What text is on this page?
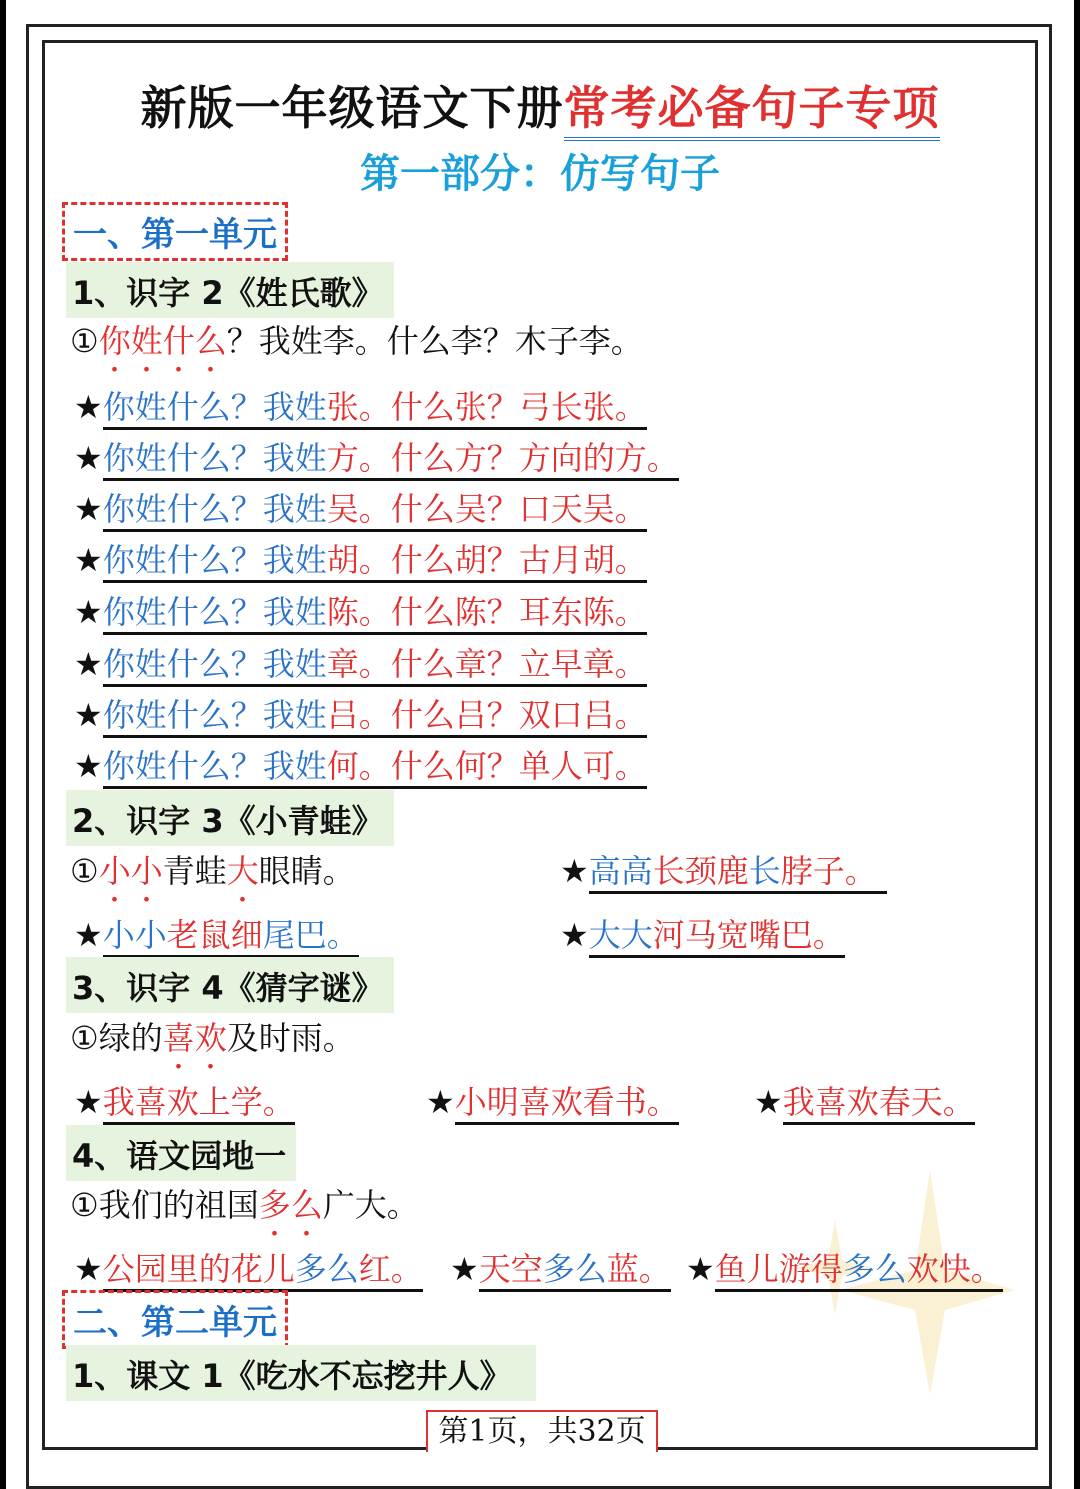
新版一年级语文下册常考必备句子专项
第一部分：仿写句子
一、第一单元
1、识字 2《姓氏歌》
①你姓什么？我姓李。什么李？木子李。
★你姓什么？我姓张。什么张？弓长张。
★你姓什么？我姓方。什么方？方向的方。
★你姓什么？我姓吴。什么吴？口天吴。
★你姓什么？我姓胡。什么胡？古月胡。
★你姓什么？我姓陈。什么陈？耳东陈。
★你姓什么？我姓章。什么章？立早章。
★你姓什么？我姓吕。什么吕？双口吕。
★你姓什么？我姓何。什么何？单人可。
2、识字 3《小青蛙》
①小小青蛙大眼睛。	★高高长颈鹿长脖子。
★小小老鼠细尾巴。	★大大河马宽嘴巴。
3、识字 4《猜字谜》
①绿的喜欢及时雨。
★我喜欢上学。	★小明喜欢看书。 ★我喜欢春天。
4、语文园地一
①我们的祖国多么广大。
★公园里的花儿多么红。 ★天空多么蓝。 ★鱼儿游得多么欢快。
二、第二单元
1、课文 1《吃水不忘挖井人》
第1页，共32页
